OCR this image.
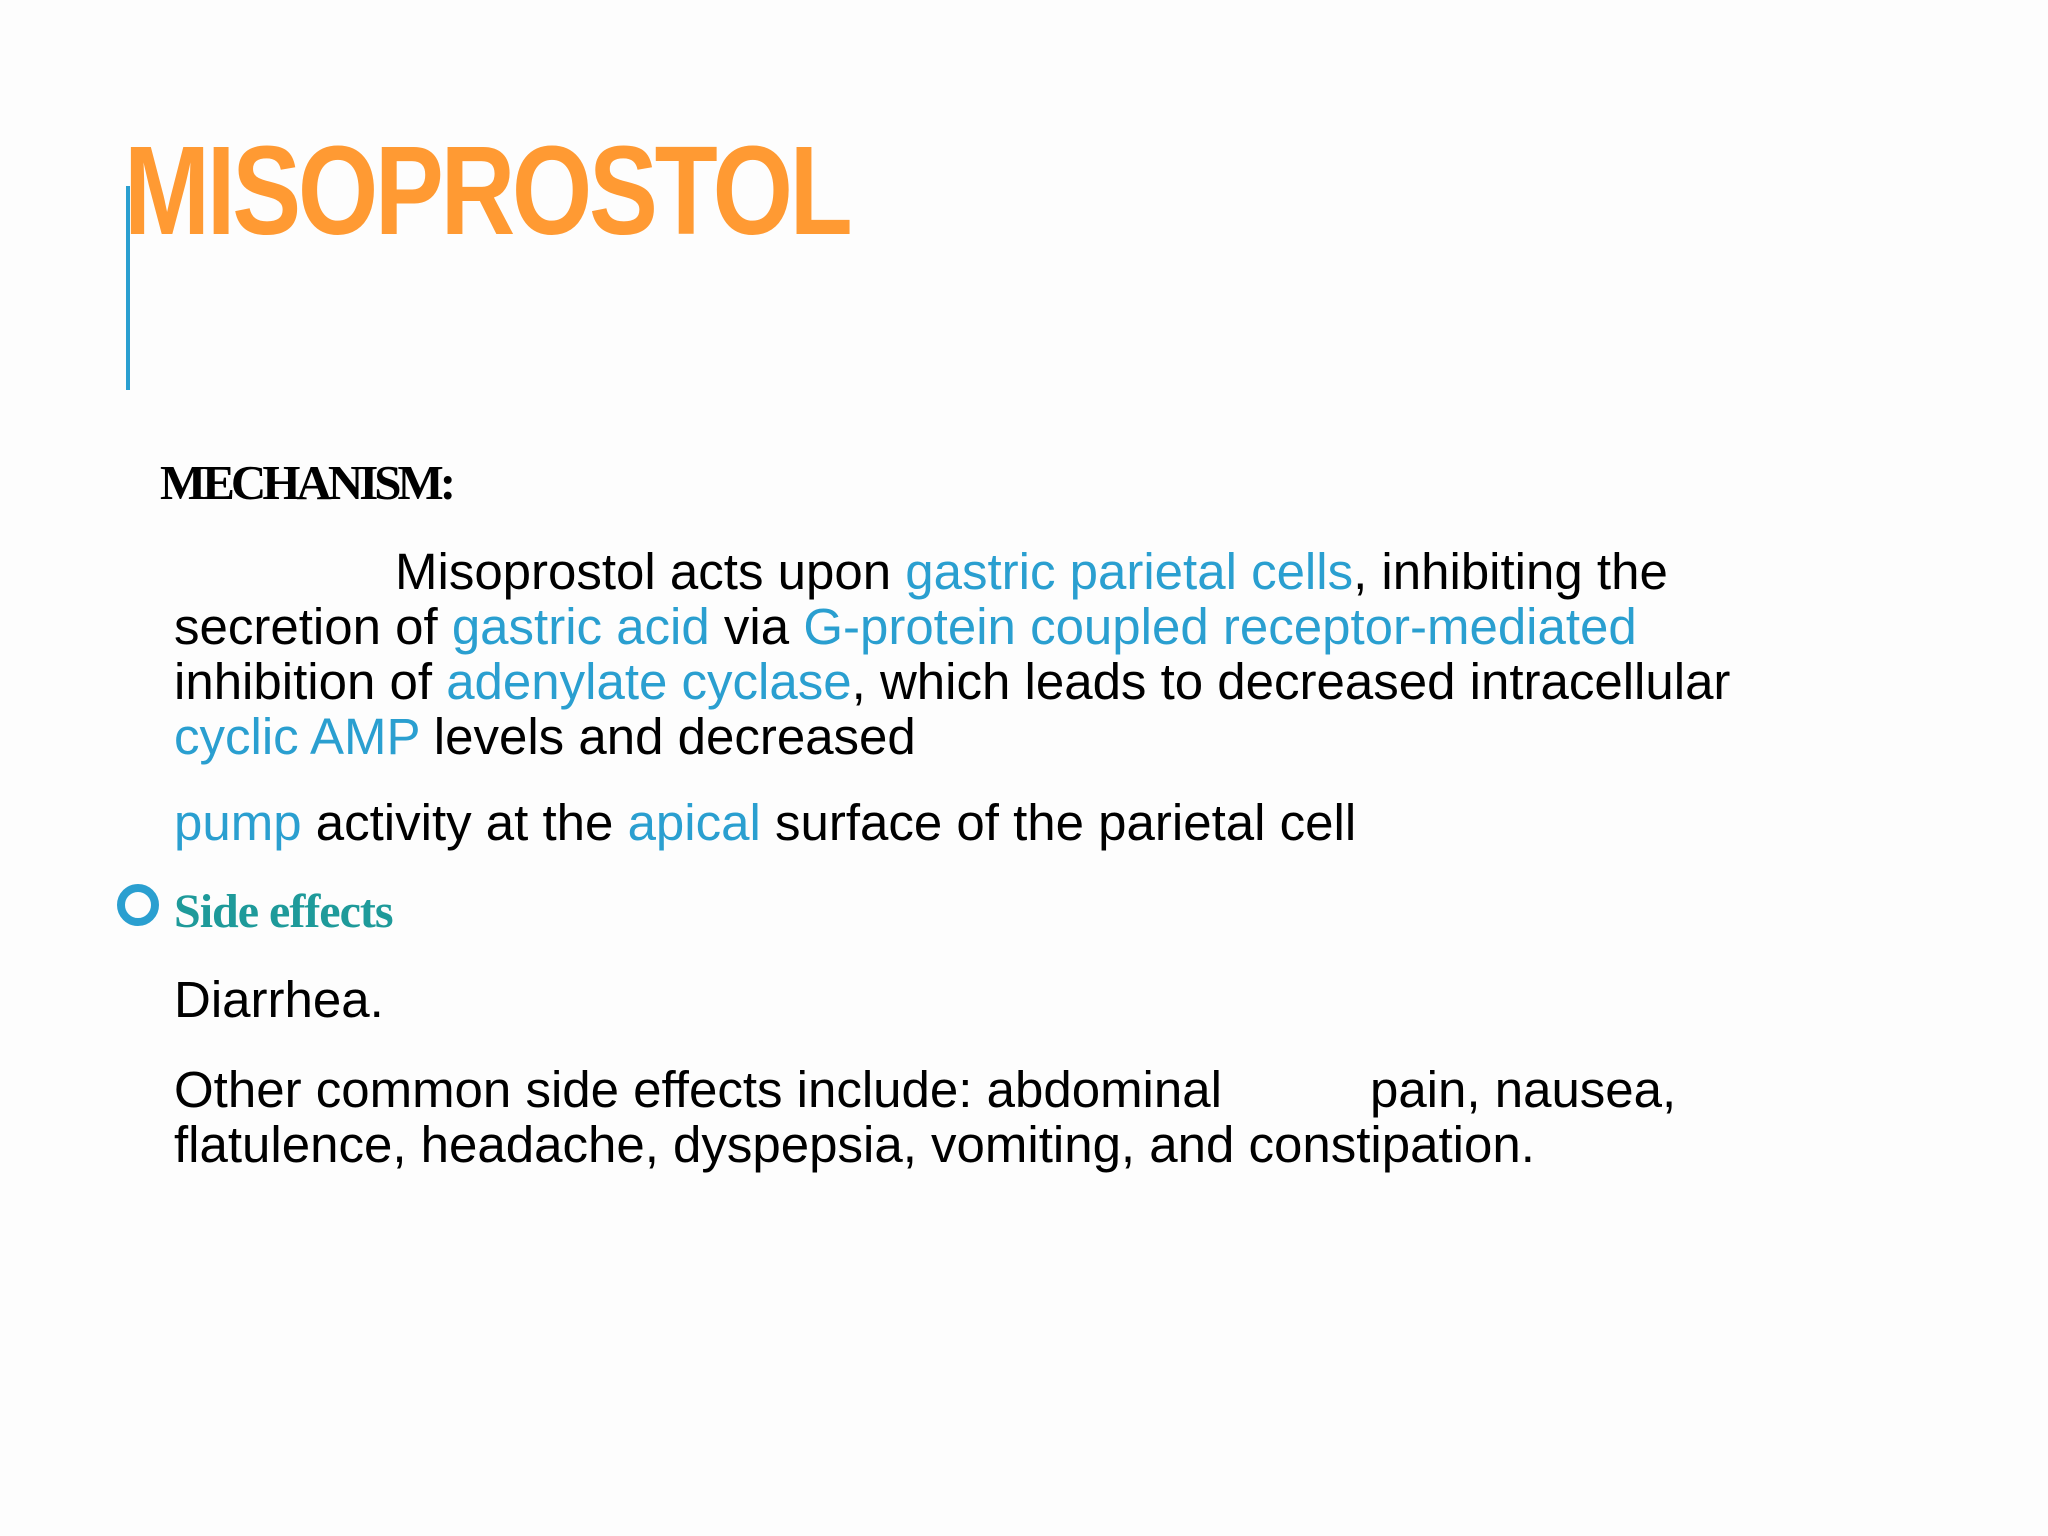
MISOPROSTOL
MECHANISM:
Misoprostol acts upon gastric parietal cells, inhibiting the
secretion of gastric acid via G-protein coupled receptor-mediated
inhibition of adenylate cyclase, which leads to decreased intracellular
cyclic AMP levels and decreased
pump activity at the apical surface of the parietal cell
Side effects
Diarrhea.
Other common side effects include: abdominal	pain, nausea,
flatulence, headache, dyspepsia, vomiting, and constipation.
